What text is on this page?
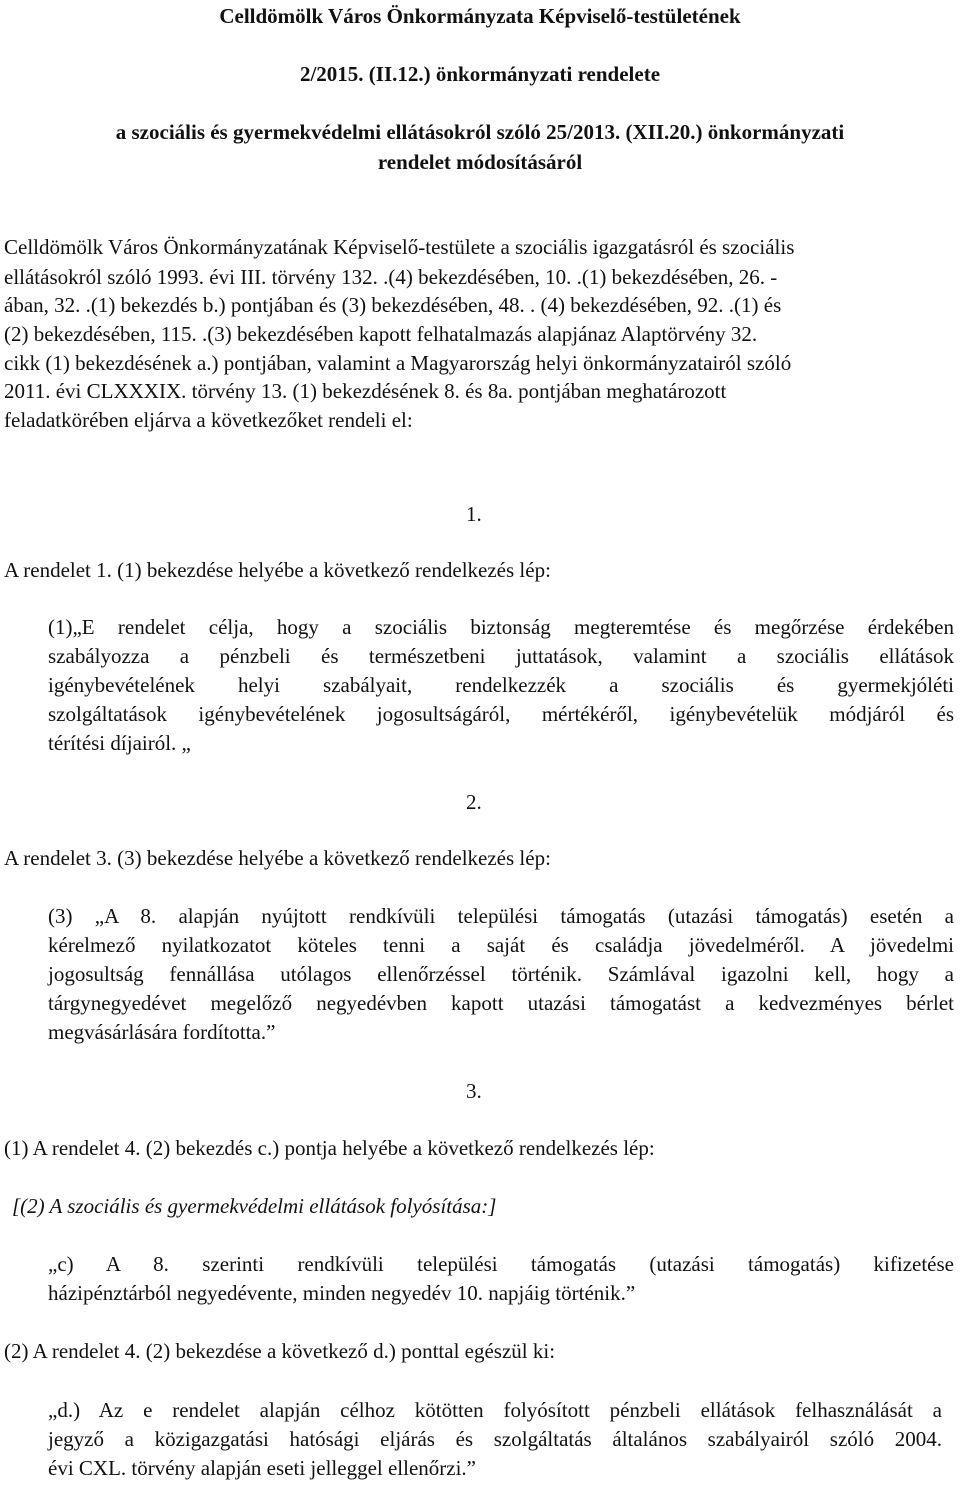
Celldömölk Város Önkormányzata Képviselő-testületének
2/2015. (II.12.) önkormányzati rendelete
a szociális és gyermekvédelmi ellátásokról szóló 25/2013. (XII.20.) önkormányzati
rendelet módosításáról
Celldömölk Város Önkormányzatának Képviselő-testülete a szociális igazgatásról és szociális
ellátásokról szóló 1993. évi III. törvény 132. .(4) bekezdésében, 10. .(1) bekezdésében, 26. -
ában, 32. .(1) bekezdés b.) pontjában és (3) bekezdésében, 48. . (4) bekezdésében, 92. .(1) és
(2) bekezdésében, 115. .(3) bekezdésében kapott felhatalmazás alapjánaz Alaptörvény 32.
cikk (1) bekezdésének a.) pontjában, valamint a Magyarország helyi önkormányzatairól szóló
2011. évi CLXXXIX. törvény 13. (1) bekezdésének 8. és 8a. pontjában meghatározott
feladatkörében eljárva a következőket rendeli el:
1.
A rendelet 1. (1) bekezdése helyébe a következő rendelkezés lép:
(1)„E rendelet célja, hogy a szociális biztonság megteremtése és megőrzése érdekében
szabályozza a pénzbeli és természetbeni juttatások, valamint a szociális ellátások
igénybevételének helyi szabályait, rendelkezzék a szociális és gyermekjóléti
szolgáltatások igénybevételének jogosultságáról, mértékéről, igénybevételük módjáról és
térítési díjairól. „
2.
A rendelet 3. (3) bekezdése helyébe a következő rendelkezés lép:
(3) „A 8. alapján nyújtott rendkívüli települési támogatás (utazási támogatás) esetén a
kérelmező nyilatkozatot köteles tenni a saját és családja jövedelméről. A jövedelmi
jogosultság fennállása utólagos ellenőrzéssel történik. Számlával igazolni kell, hogy a
tárgynegyedévet megelőző negyedévben kapott utazási támogatást a kedvezményes bérlet
megvásárlására fordította.”
3.
(1) A rendelet 4. (2) bekezdés c.) pontja helyébe a következő rendelkezés lép:
[(2) A szociális és gyermekvédelmi ellátások folyósítása:]
„c) A 8. szerinti rendkívüli települési támogatás (utazási támogatás) kifizetése
házipénztárból negyedévente, minden negyedév 10. napjáig történik.”
(2) A rendelet 4. (2) bekezdése a következő d.) ponttal egészül ki:
„d.) Az e rendelet alapján célhoz kötötten folyósított pénzbeli ellátások felhasználását a
jegyző a közigazgatási hatósági eljárás és szolgáltatás általános szabályairól szóló 2004.
évi CXL. törvény alapján eseti jelleggel ellenőrzi.”
